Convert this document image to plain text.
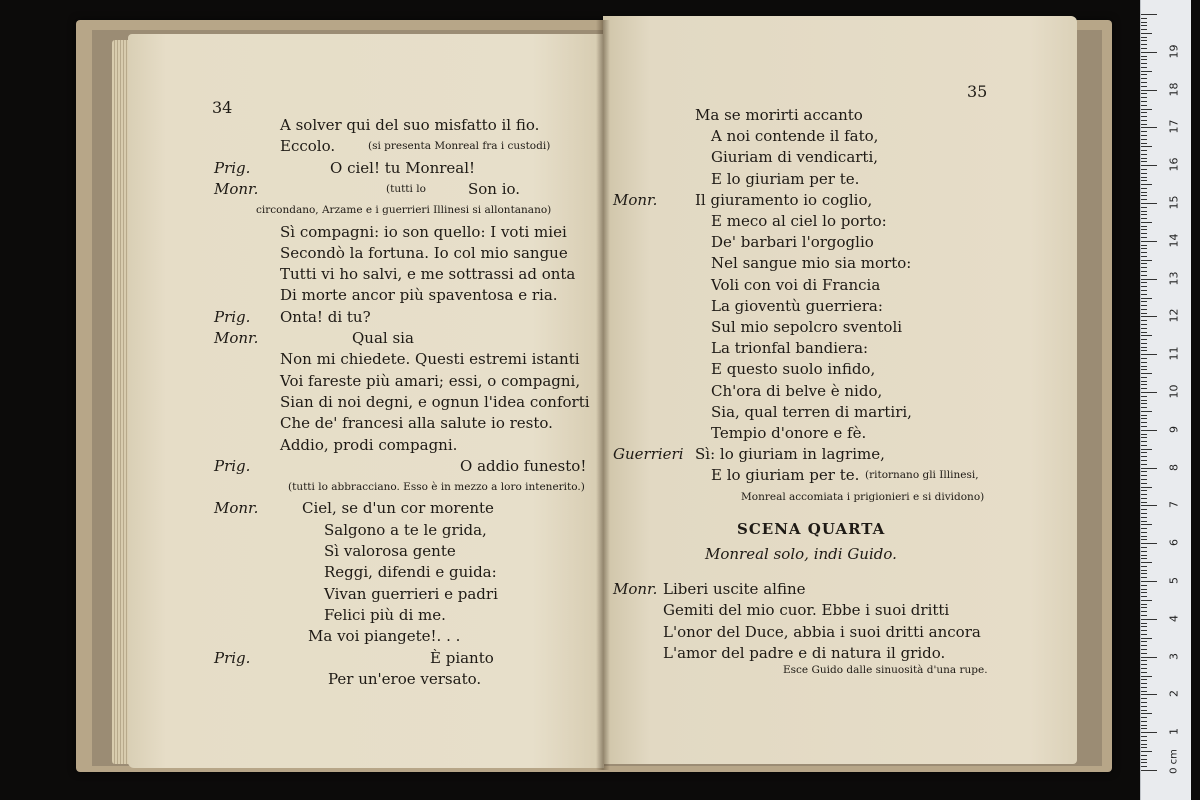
34
A solver qui del suo misfatto il fio.
Eccolo.	(si presenta Monreal fra i custodi)
Prig.	O ciel! tu Monreal!
Monr.	Son io.
(tutti lo
circondano, Arzame e i guerrieri Illinesi si allontanano)
Sì compagni: io son quello: I voti miei
Secondò la fortuna. Io col mio sangue
Tutti vi ho salvi, e me sottrassi ad onta
Di morte ancor più spaventosa e ria.
Prig. Onta! di tu?
Monr.	Qual sia
Non mi chiedete. Questi estremi istanti
Voi fareste più amari; essi, o compagni,
Sian di noi degni, e ognun l'idea conforti
Che de' francesi alla salute io resto.
Addio, prodi compagni.
Prig.	O addio funesto!
(tutti lo abbracciano. Esso è in mezzo a loro intenerito.)
Monr.	Ciel, se d'un cor morente
Salgono a te le grida,
Sì valorosa gente
Reggi, difendi e guida:
Vivan guerrieri e padri
Felici più di me.
Ma voi piangete!. . .
Prig.	È pianto
Per un'eroe versato.
35
Ma se morirti accanto
A noi contende il fato,
Giuriam di vendicarti,
E lo giuriam per te.
Monr.	Il giuramento io coglio,
E meco al ciel lo porto:
De' barbari l'orgoglio
Nel sangue mio sia morto:
Voli con voi di Francia
La gioventù guerriera:
Sul mio sepolcro sventoli
La trionfal bandiera:
E questo suolo infido,
Ch'ora di belve è nido,
Sia, qual terren di martiri,
Tempio d'onore e fè.
Guerrieri Sì: lo giuriam in lagrime,
E lo giuriam per te. (ritornano gli Illinesi,
Monreal accomiata i prigionieri e si dividono)
SCENA QUARTA
Monreal solo, indi Guido.
Monr. Liberi uscite alfine
Gemiti del mio cuor. Ebbe i suoi dritti
L'onor del Duce, abbia i suoi dritti ancora
L'amor del padre e di natura il grido.
Esce Guido dalle sinuosità d'una rupe.
0 cm
1
2
3
4
5
6
7
8
9
10
11
12
13
14
15
16
17
18
19
